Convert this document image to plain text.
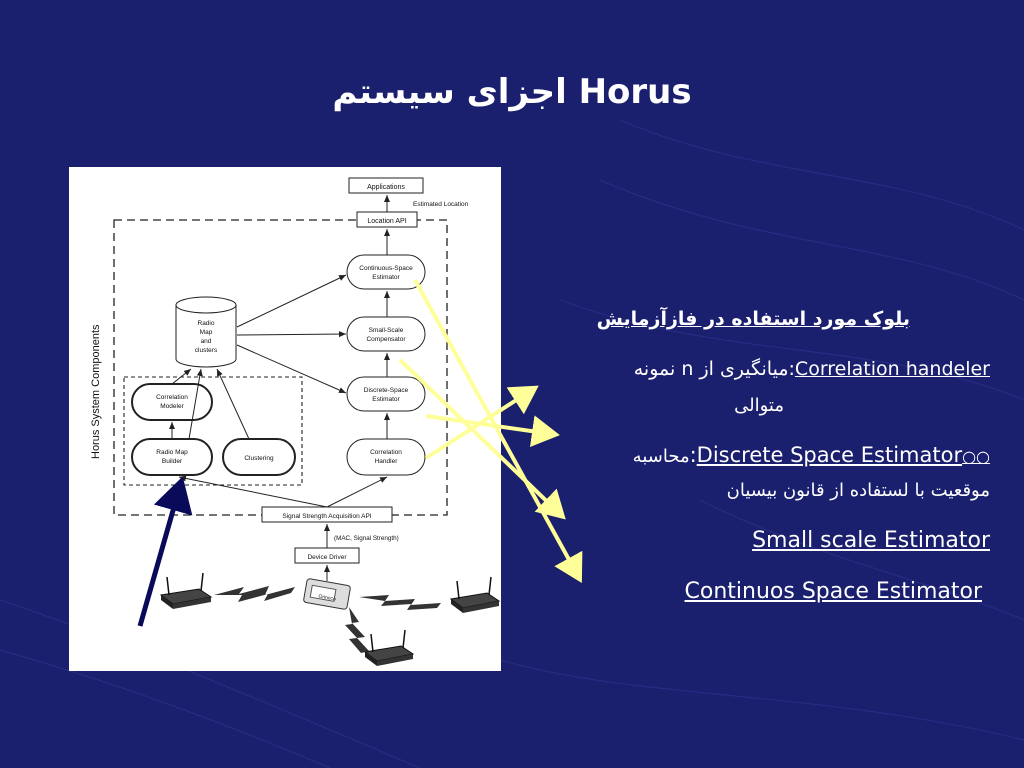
اجزای سیستم Horus
Horus System Components
Applications
Estimated Location
Location API
Continuous-Space
Estimator
Small-Scale
Compensator
Discrete-Space
Estimator
Correlation
Handler
Radio
Map
and
clusters
Correlation
Modeler
Radio Map
Builder	Clustering
Signal Strength Acquisition API
(MAC, Signal Strength)
Device Driver
Orinoco
بلوک مورد استفاده در فازآزمایش
میانگیری از n نمونه:Correlation handeler
متوالی
محاسبه:Discrete Space Estimator○○
موقعیت با لستفاده از قانون بیسیان
Small scale Estimator
Continuos Space Estimator
